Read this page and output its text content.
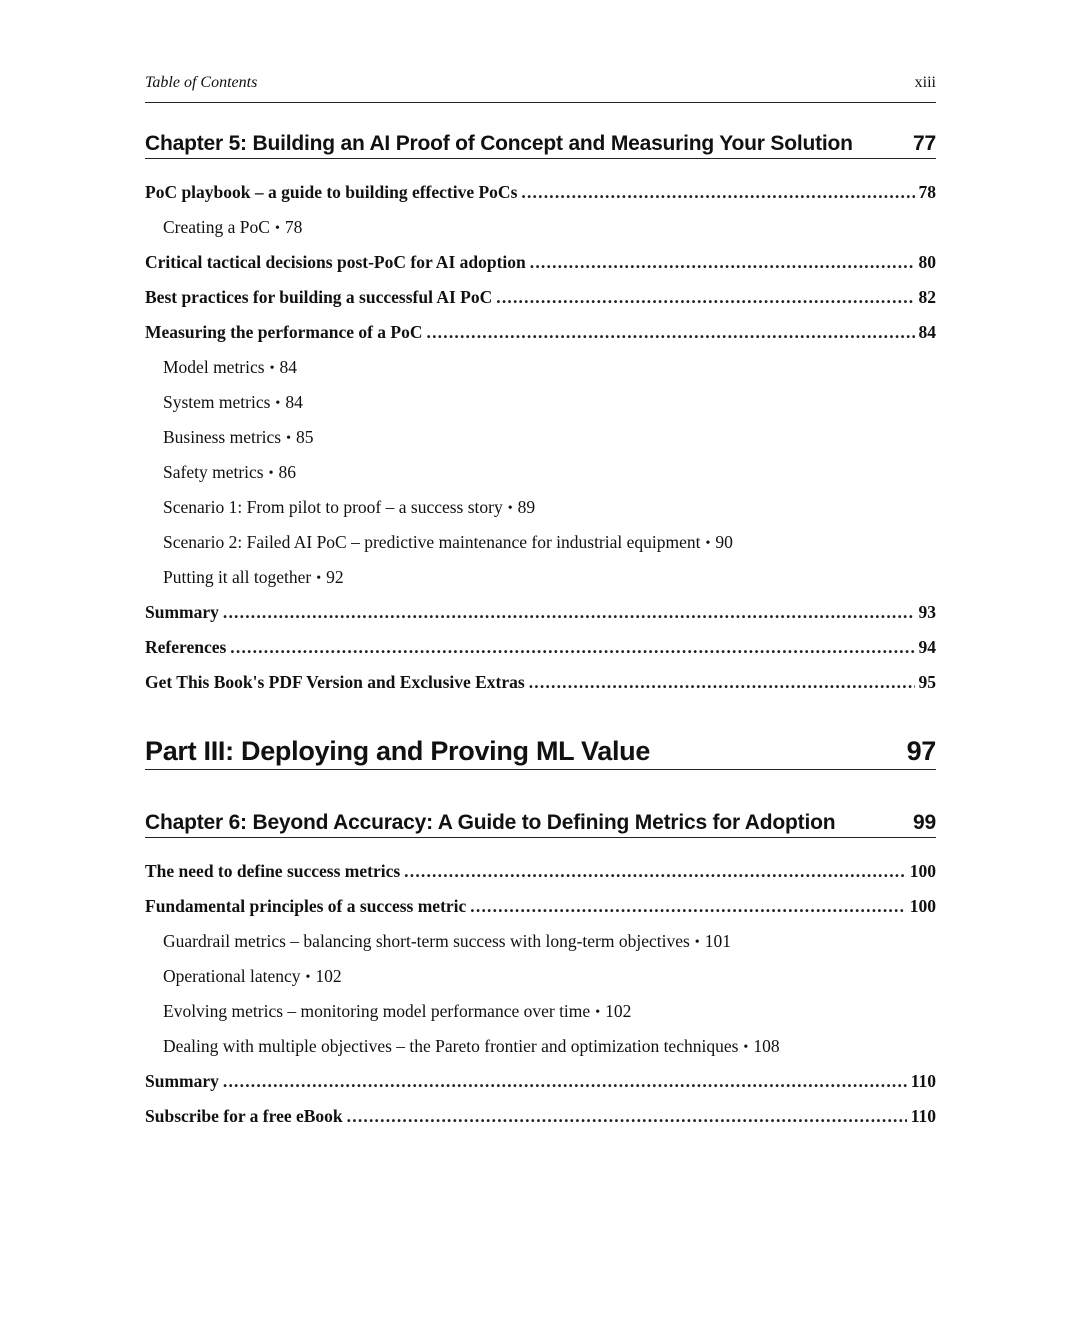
Table of Contents	xiii
Chapter 5: Building an AI Proof of Concept and Measuring Your Solution	77
PoC playbook – a guide to building effective PoCs .....	78
Creating a PoC • 78
Critical tactical decisions post-PoC for AI adoption .....	80
Best practices for building a successful AI PoC .....	82
Measuring the performance of a PoC .....	84
Model metrics • 84
System metrics • 84
Business metrics • 85
Safety metrics • 86
Scenario 1: From pilot to proof – a success story • 89
Scenario 2: Failed AI PoC – predictive maintenance for industrial equipment • 90
Putting it all together • 92
Summary .....	93
References .....	94
Get This Book's PDF Version and Exclusive Extras .....	95
Part III: Deploying and Proving ML Value	97
Chapter 6: Beyond Accuracy: A Guide to Defining Metrics for Adoption	99
The need to define success metrics .....	100
Fundamental principles of a success metric .....	100
Guardrail metrics – balancing short-term success with long-term objectives • 101
Operational latency • 102
Evolving metrics – monitoring model performance over time • 102
Dealing with multiple objectives – the Pareto frontier and optimization techniques • 108
Summary .....	110
Subscribe for a free eBook .....	110
